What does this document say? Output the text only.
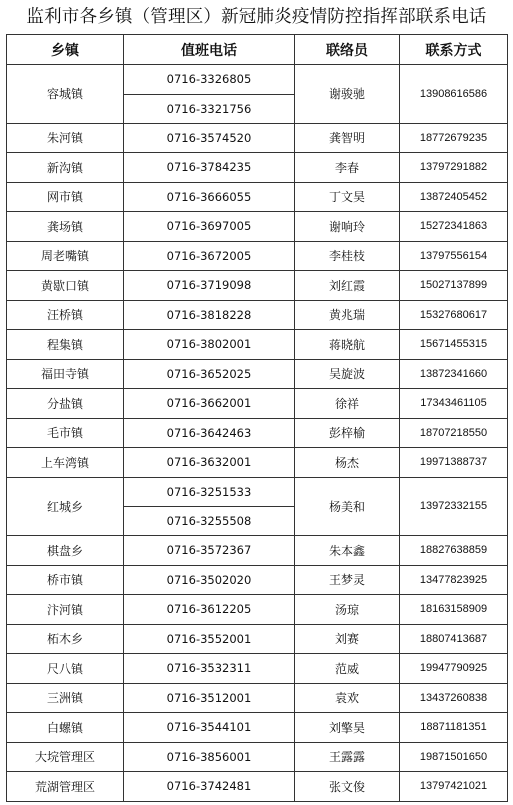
监利市各乡镇（管理区）新冠肺炎疫情防控指挥部联系电话
乡镇	值班电话	联络员	联系方式
容城镇	0716-3326805	谢骏驰	13908616586
	0716-3321756		
朱河镇	0716-3574520	龚智明	18772679235
新沟镇	0716-3784235	李春	13797291882
网市镇	0716-3666055	丁文昊	13872405452
龚场镇	0716-3697005	谢响玲	15272341863
周老嘴镇	0716-3672005	李桂枝	13797556154
黄歇口镇	0716-3719098	刘红霞	15027137899
汪桥镇	0716-3818228	黄兆瑞	15327680617
程集镇	0716-3802001	蒋晓航	15671455315
福田寺镇	0716-3652025	吴旋波	13872341660
分盐镇	0716-3662001	徐祥	17343461105
毛市镇	0716-3642463	彭梓榆	18707218550
上车湾镇	0716-3632001	杨杰	19971388737
红城乡	0716-3251533	杨美和	13972332155
	0716-3255508		
棋盘乡	0716-3572367	朱本鑫	18827638859
桥市镇	0716-3502020	王梦灵	13477823925
汴河镇	0716-3612205	汤琼	18163158909
柘木乡	0716-3552001	刘赛	18807413687
尺八镇	0716-3532311	范威	19947790925
三洲镇	0716-3512001	袁欢	13437260838
白螺镇	0716-3544101	刘擎昊	18871181351
大垸管理区	0716-3856001	王露露	19871501650
荒湖管理区	0716-3742481	张文俊	13797421021
